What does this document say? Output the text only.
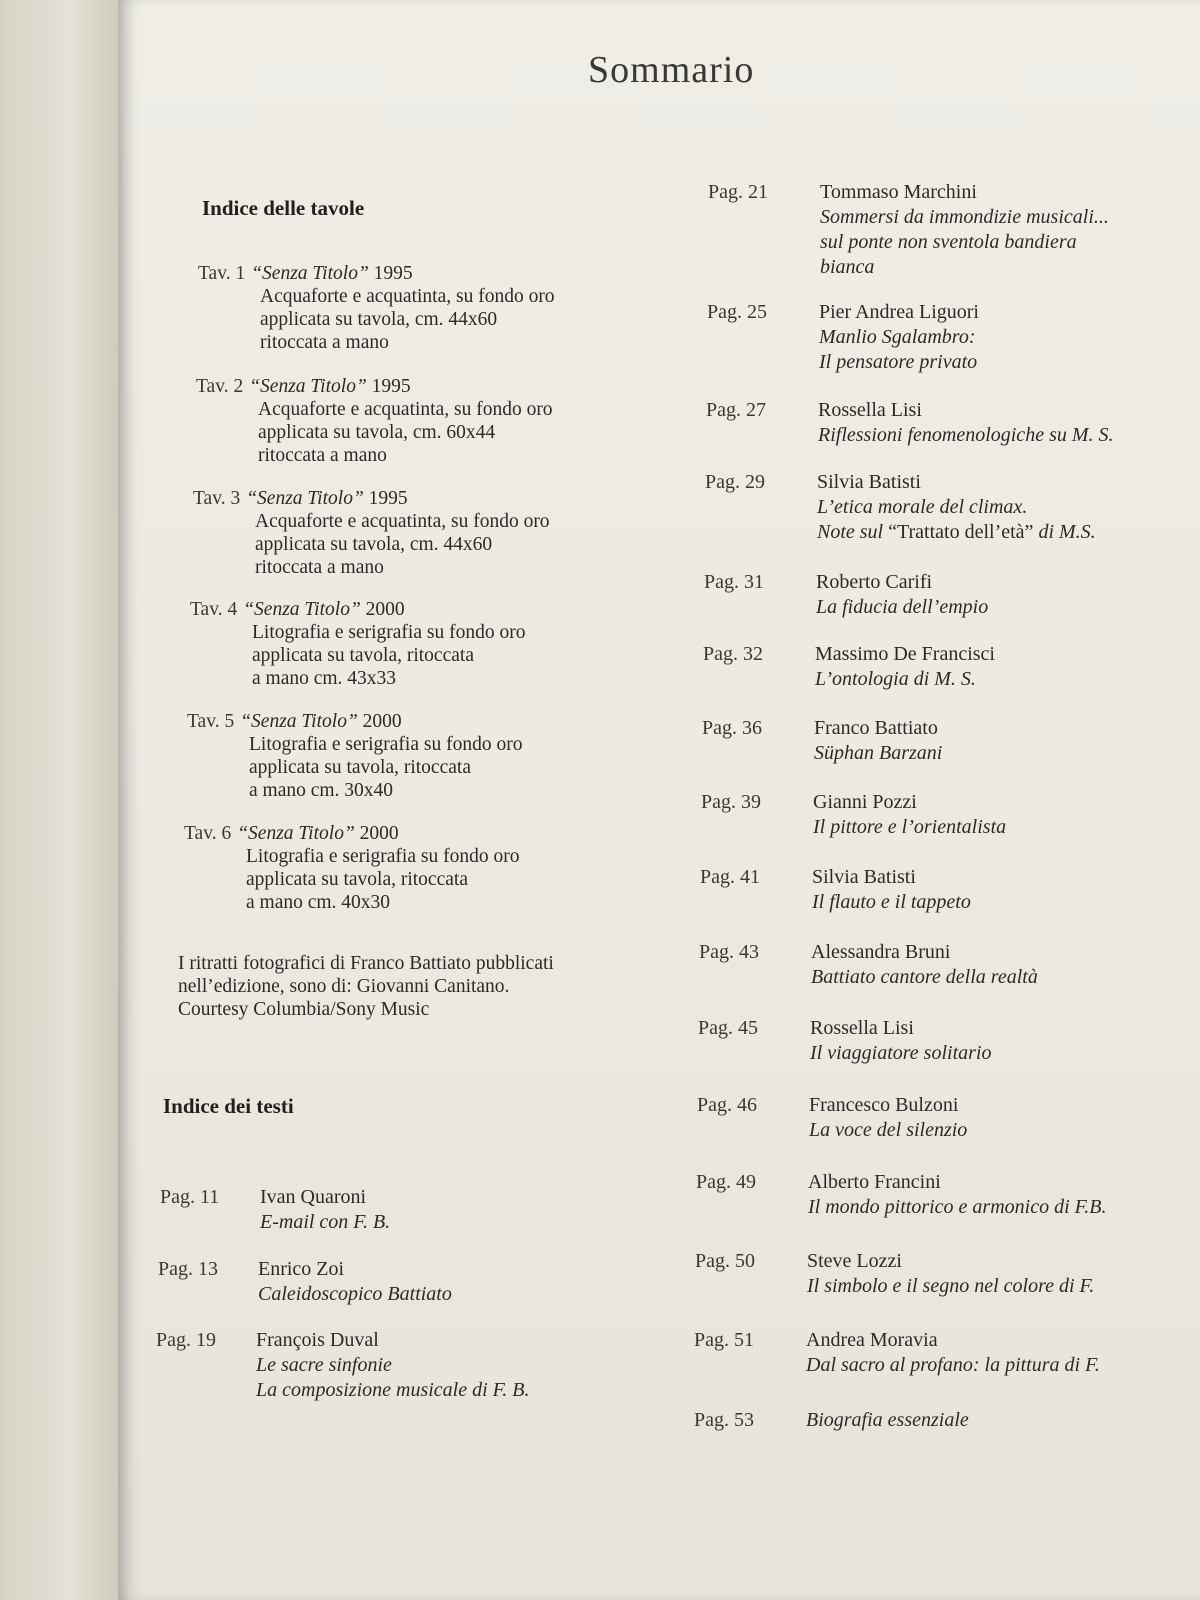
Sommario
Indice delle tavole
Tav. 1 “Senza Titolo” 1995
Acquaforte e acquatinta, su fondo oro
applicata su tavola, cm. 44x60
ritoccata a mano
Tav. 2 “Senza Titolo” 1995
Acquaforte e acquatinta, su fondo oro
applicata su tavola, cm. 60x44
ritoccata a mano
Tav. 3 “Senza Titolo” 1995
Acquaforte e acquatinta, su fondo oro
applicata su tavola, cm. 44x60
ritoccata a mano
Tav. 4 “Senza Titolo” 2000
Litografia e serigrafia su fondo oro
applicata su tavola, ritoccata
a mano cm. 43x33
Tav. 5 “Senza Titolo” 2000
Litografia e serigrafia su fondo oro
applicata su tavola, ritoccata
a mano cm. 30x40
Tav. 6 “Senza Titolo” 2000
Litografia e serigrafia su fondo oro
applicata su tavola, ritoccata
a mano cm. 40x30
I ritratti fotografici di Franco Battiato pubblicati
nell’edizione, sono di: Giovanni Canitano.
Courtesy Columbia/Sony Music
Indice dei testi
Pag. 11 Ivan Quaroni
E-mail con F. B.
Pag. 13 Enrico Zoi
Caleidoscopico Battiato
Pag. 19 François Duval
Le sacre sinfonie
La composizione musicale di F. B.
Pag. 21	Tommaso Marchini
Sommersi da immondizie musicali...
sul ponte non sventola bandiera
bianca
Pag. 25	Pier Andrea Liguori
Manlio Sgalambro:
Il pensatore privato
Pag. 27	Rossella Lisi
Riflessioni fenomenologiche su M. S.
Pag. 29	Silvia Batisti
L’etica morale del climax.
Note sul “Trattato dell’età” di M.S.
Pag. 31	Roberto Carifi
La fiducia dell’empio
Pag. 32	Massimo De Francisci
L’ontologia di M. S.
Pag. 36	Franco Battiato
Süphan Barzani
Pag. 39	Gianni Pozzi
Il pittore e l’orientalista
Pag. 41	Silvia Batisti
Il flauto e il tappeto
Pag. 43	Alessandra Bruni
Battiato cantore della realtà
Pag. 45	Rossella Lisi
Il viaggiatore solitario
Pag. 46	Francesco Bulzoni
La voce del silenzio
Pag. 49	Alberto Francini
Il mondo pittorico e armonico di F.B.
Pag. 50	Steve Lozzi
Il simbolo e il segno nel colore di F.
Pag. 51	Andrea Moravia
Dal sacro al profano: la pittura di F.
Pag. 53	Biografia essenziale
